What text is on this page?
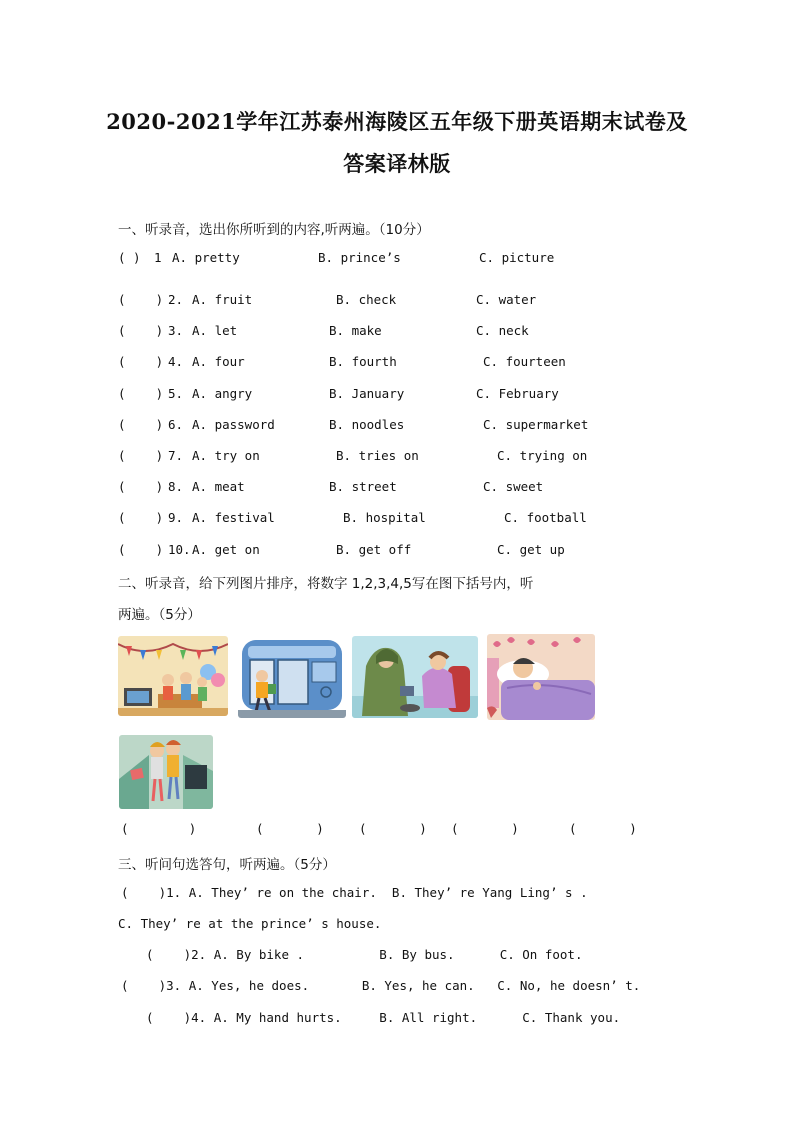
2020-2021学年江苏泰州海陵区五年级下册英语期末试卷及
答案译林版
一、听录音，选出你所听到的内容,听两遍。（10分）
( ) 1 A. pretty	B. prince’s	C. picture
(    ) 2. A. fruit	B. check	C. water
(    ) 3. A. let	B. make	C. neck
(    ) 4. A. four	B. fourth	C. fourteen
(    ) 5. A. angry	B. January	C. February
(    ) 6. A. password	B. noodles	C. supermarket
(    ) 7. A. try on	B. tries on	C. trying on
(    ) 8. A. meat	B. street	C. sweet
(    ) 9. A. festival	B. hospital	C. football
(    ) 10. A. get on	B. get off	C. get up
二、听录音，给下列图片排序，将数字 1,2,3,4,5写在图下括号内，听
两遍。（5分）
(        )	(       )	(       ) (       )	(       )
三、听问句选答句，听两遍。（5分）
(    )1. A. They’ re on the chair.  B. They’ re Yang Ling’ s .
C. They’ re at the prince’ s house.
(    )2. A. By bike .          B. By bus.      C. On foot.
(    )3. A. Yes, he does.       B. Yes, he can.   C. No, he doesn’ t.
(    )4. A. My hand hurts.     B. All right.      C. Thank you.
